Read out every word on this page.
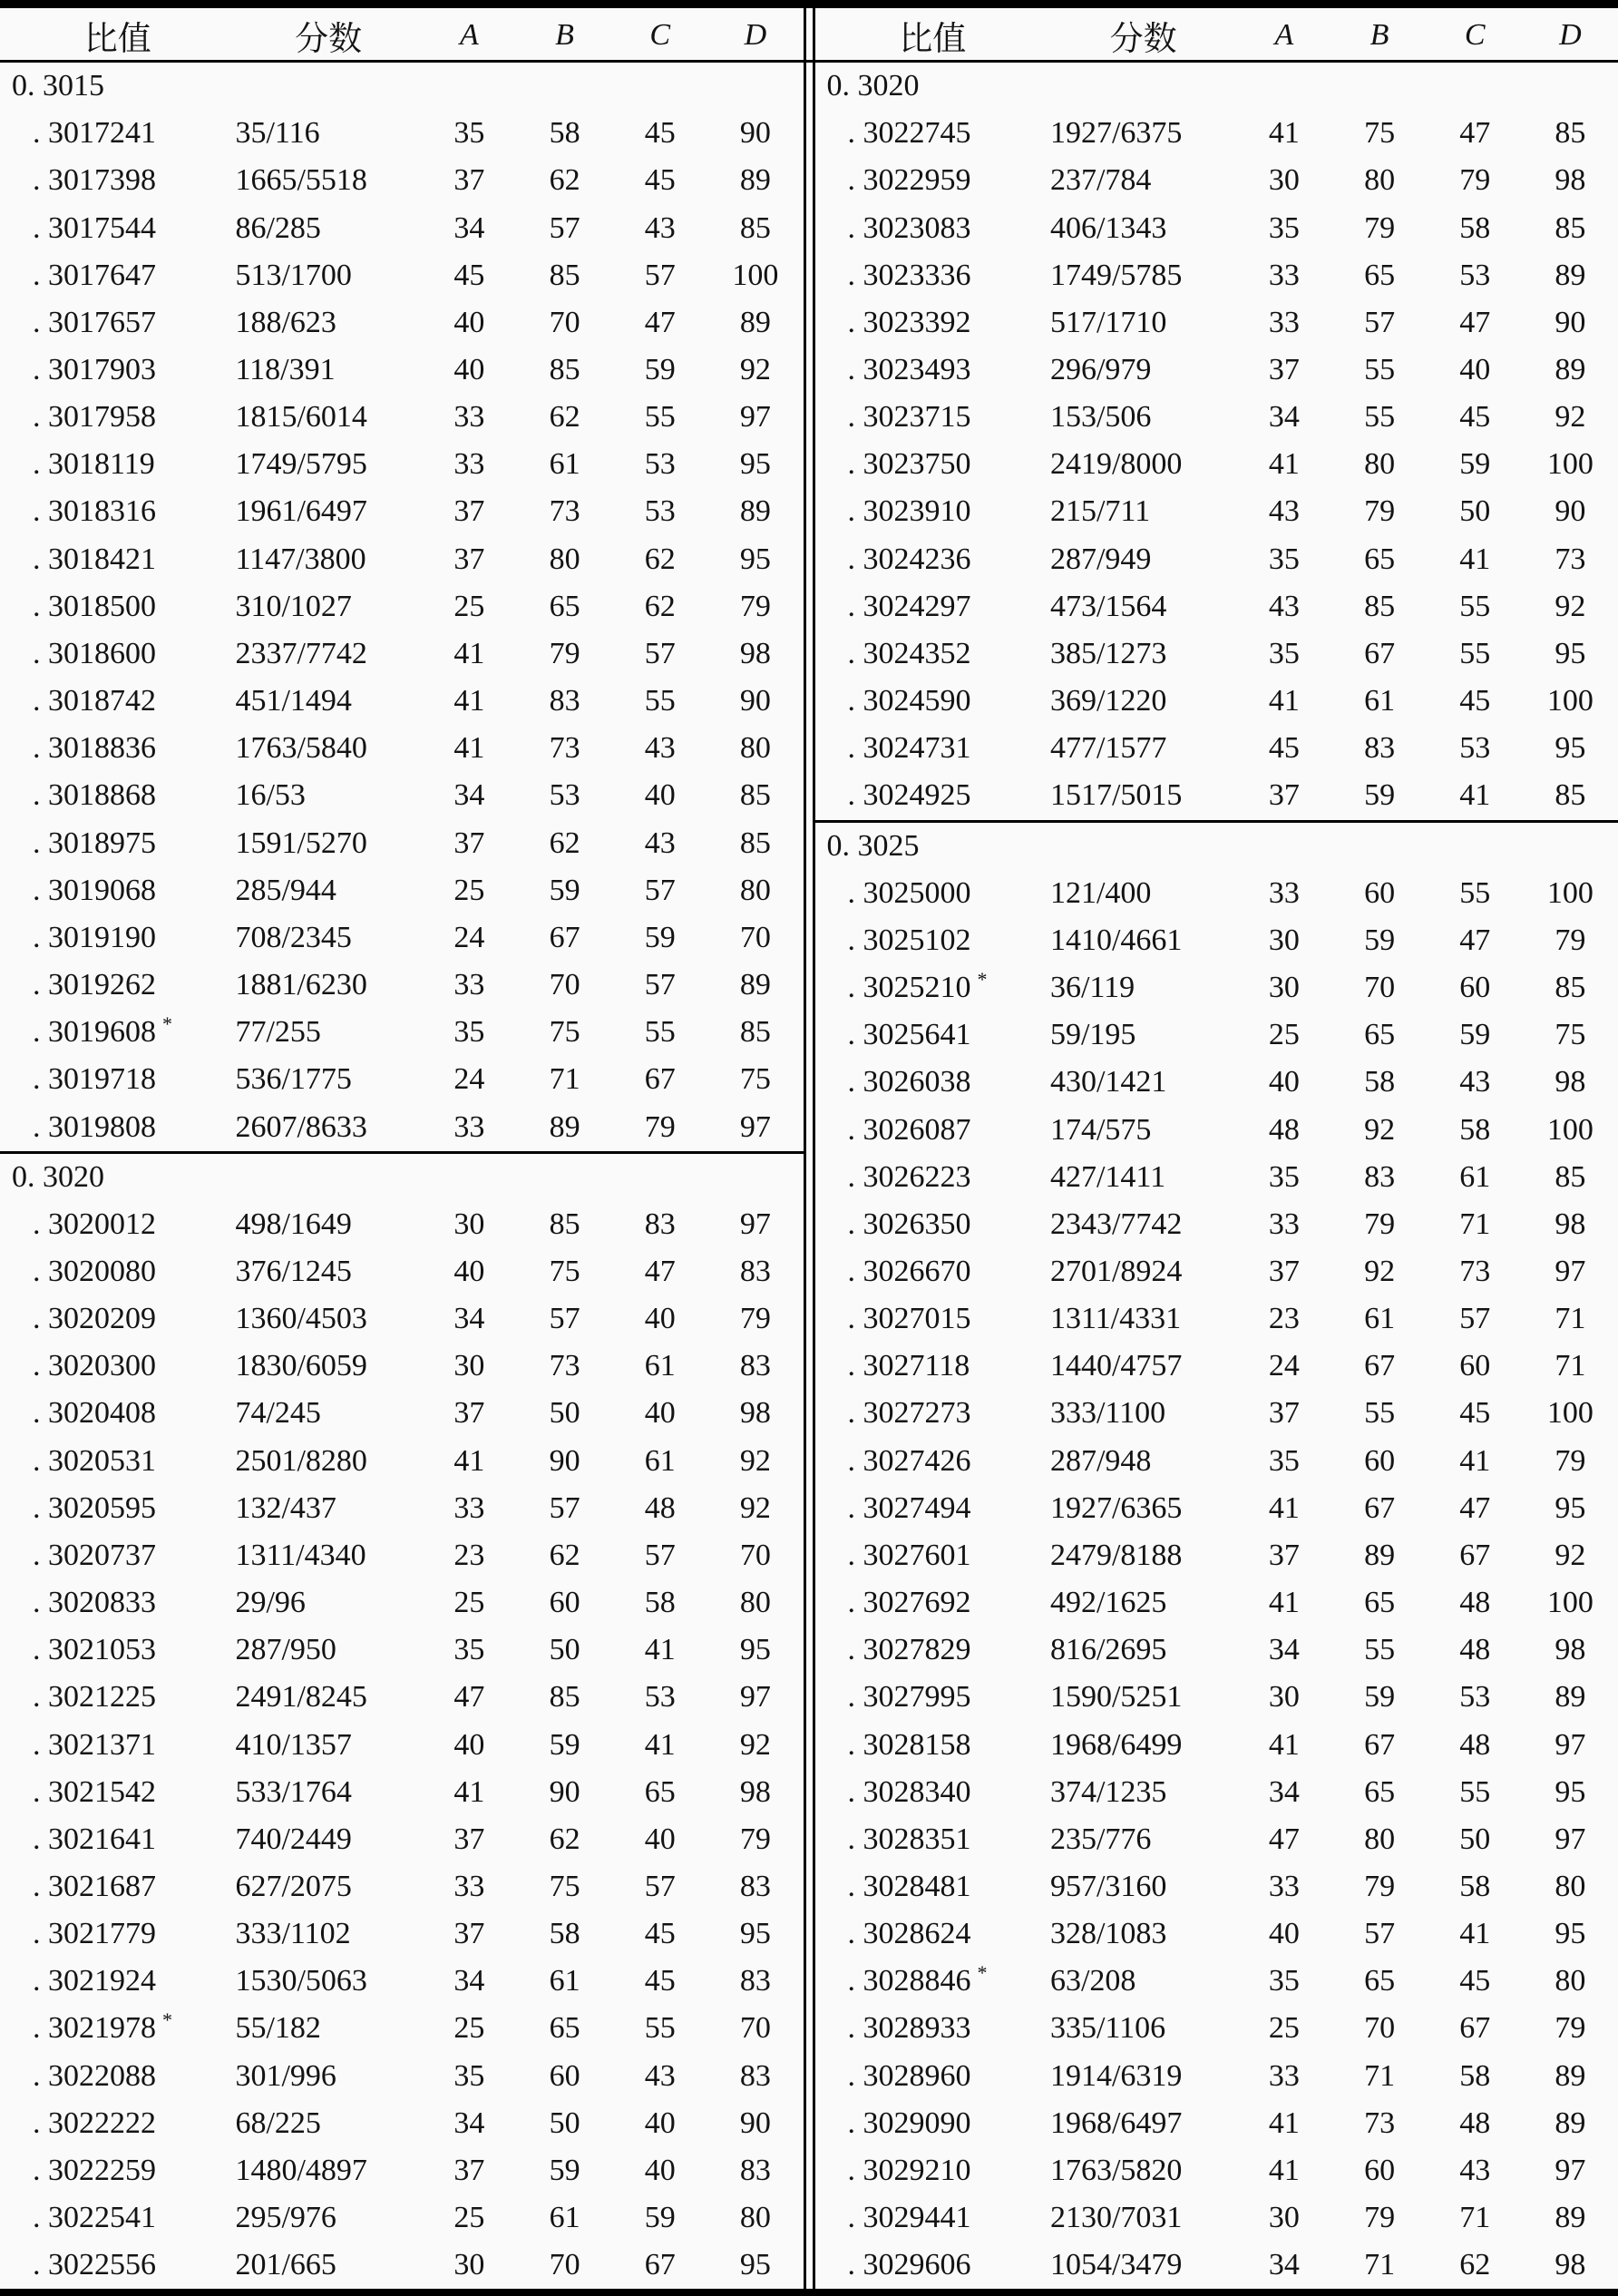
比值	分数	A	B	C	D
0. 3015
. 3017241	35/116	35	58	45	90
. 3017398	1665/5518	37	62	45	89
. 3017544	86/285	34	57	43	85
. 3017647	513/1700	45	85	57	100
. 3017657	188/623	40	70	47	89
. 3017903	118/391	40	85	59	92
. 3017958	1815/6014	33	62	55	97
. 3018119	1749/5795	33	61	53	95
. 3018316	1961/6497	37	73	53	89
. 3018421	1147/3800	37	80	62	95
. 3018500	310/1027	25	65	62	79
. 3018600	2337/7742	41	79	57	98
. 3018742	451/1494	41	83	55	90
. 3018836	1763/5840	41	73	43	80
. 3018868	16/53	34	53	40	85
. 3018975	1591/5270	37	62	43	85
. 3019068	285/944	25	59	57	80
. 3019190	708/2345	24	67	59	70
. 3019262	1881/6230	33	70	57	89
. 3019608 *	77/255	35	75	55	85
. 3019718	536/1775	24	71	67	75
. 3019808	2607/8633	33	89	79	97
0. 3020
. 3020012	498/1649	30	85	83	97
. 3020080	376/1245	40	75	47	83
. 3020209	1360/4503	34	57	40	79
. 3020300	1830/6059	30	73	61	83
. 3020408	74/245	37	50	40	98
. 3020531	2501/8280	41	90	61	92
. 3020595	132/437	33	57	48	92
. 3020737	1311/4340	23	62	57	70
. 3020833	29/96	25	60	58	80
. 3021053	287/950	35	50	41	95
. 3021225	2491/8245	47	85	53	97
. 3021371	410/1357	40	59	41	92
. 3021542	533/1764	41	90	65	98
. 3021641	740/2449	37	62	40	79
. 3021687	627/2075	33	75	57	83
. 3021779	333/1102	37	58	45	95
. 3021924	1530/5063	34	61	45	83
. 3021978 *	55/182	25	65	55	70
. 3022088	301/996	35	60	43	83
. 3022222	68/225	34	50	40	90
. 3022259	1480/4897	37	59	40	83
. 3022541	295/976	25	61	59	80
. 3022556	201/665	30	70	67	95
比值	分数	A	B	C	D
0. 3020
. 3022745	1927/6375	41	75	47	85
. 3022959	237/784	30	80	79	98
. 3023083	406/1343	35	79	58	85
. 3023336	1749/5785	33	65	53	89
. 3023392	517/1710	33	57	47	90
. 3023493	296/979	37	55	40	89
. 3023715	153/506	34	55	45	92
. 3023750	2419/8000	41	80	59	100
. 3023910	215/711	43	79	50	90
. 3024236	287/949	35	65	41	73
. 3024297	473/1564	43	85	55	92
. 3024352	385/1273	35	67	55	95
. 3024590	369/1220	41	61	45	100
. 3024731	477/1577	45	83	53	95
. 3024925	1517/5015	37	59	41	85
0. 3025
. 3025000	121/400	33	60	55	100
. 3025102	1410/4661	30	59	47	79
. 3025210 *	36/119	30	70	60	85
. 3025641	59/195	25	65	59	75
. 3026038	430/1421	40	58	43	98
. 3026087	174/575	48	92	58	100
. 3026223	427/1411	35	83	61	85
. 3026350	2343/7742	33	79	71	98
. 3026670	2701/8924	37	92	73	97
. 3027015	1311/4331	23	61	57	71
. 3027118	1440/4757	24	67	60	71
. 3027273	333/1100	37	55	45	100
. 3027426	287/948	35	60	41	79
. 3027494	1927/6365	41	67	47	95
. 3027601	2479/8188	37	89	67	92
. 3027692	492/1625	41	65	48	100
. 3027829	816/2695	34	55	48	98
. 3027995	1590/5251	30	59	53	89
. 3028158	1968/6499	41	67	48	97
. 3028340	374/1235	34	65	55	95
. 3028351	235/776	47	80	50	97
. 3028481	957/3160	33	79	58	80
. 3028624	328/1083	40	57	41	95
. 3028846 *	63/208	35	65	45	80
. 3028933	335/1106	25	70	67	79
. 3028960	1914/6319	33	71	58	89
. 3029090	1968/6497	41	73	48	89
. 3029210	1763/5820	41	60	43	97
. 3029441	2130/7031	30	79	71	89
. 3029606	1054/3479	34	71	62	98
